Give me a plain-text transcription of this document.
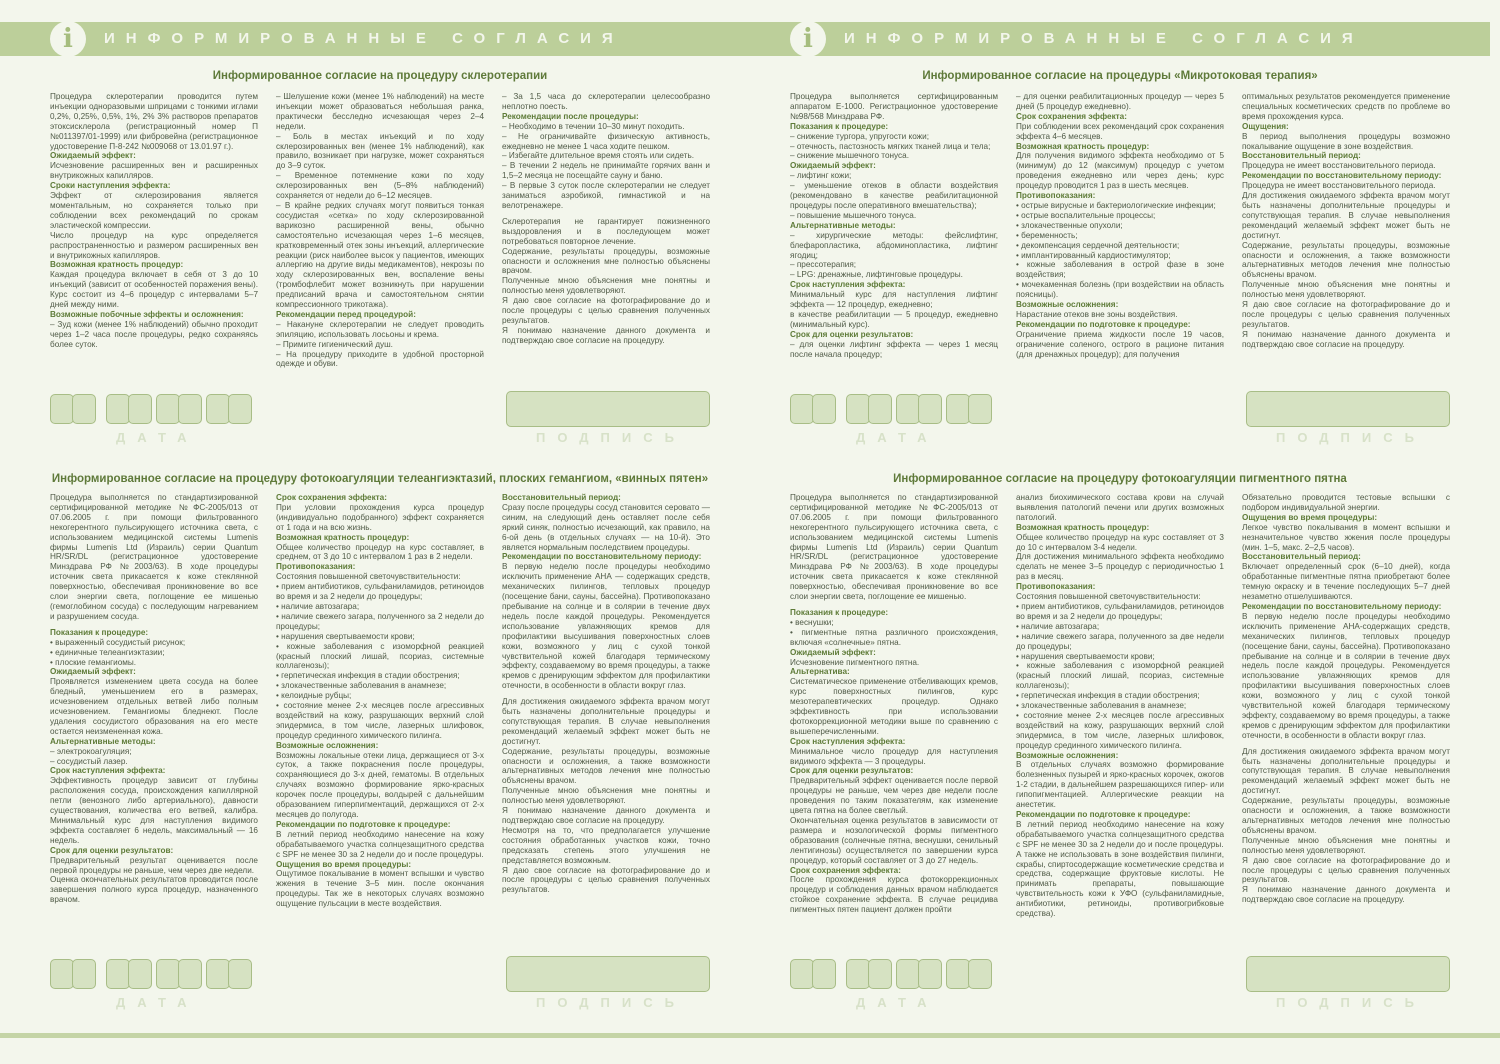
i	ИНФОРМИРОВАННЫЕ СОГЛАСИЯ
Информированное согласие на процедуру склеротерапии

Процедура склеротерапии проводится путем инъекции одноразовыми шприцами с тонкими иглами 0,2%, 0,25%, 0,5%, 1%, 2% 3% растворов препаратов этоксисклерола (регистрационный номер П №011397/01-1999) или фибровейна (регистрационное удостоверение П-8-242 №009068 от 13.01.97 г.).

Ожидаемый эффект:

Исчезновение расширенных вен и расширенных внутрикожных капилляров.

Сроки наступления эффекта:

Эффект от склерозирования является моментальным, но сохраняется только при соблюдении всех рекомендаций по срокам эластической компрессии.

Число процедур на курс определяется распространенностью и размером расширенных вен и внутрикожных капилляров.

Возможная кратность процедур:

Каждая процедура включает в себя от 3 до 10 инъекций (зависит от особенностей поражения вены). Курс состоит из 4–6 процедур с интервалами 5–7 дней между ними.

Возможные побочные эффекты и осложнения:

– Зуд кожи (менее 1% наблюдений) обычно проходит через 1–2 часа после процедуры, редко сохраняясь более суток.

– Шелушение кожи (менее 1% наблюдений) на месте инъекции может образоваться небольшая ранка, практически бесследно исчезающая через 2–4 недели.

– Боль в местах инъекций и по ходу склерозированных вен (менее 1% наблюдений), как правило, возникает при нагрузке, может сохраняться до 3–9 суток.

– Временное потемнение кожи по ходу склерозированных вен (5–8% наблюдений) сохраняется от недели до 6–12 месяцев.

– В крайне редких случаях могут появиться тонкая сосудистая «сетка» по ходу склерозированной варикозно расширенной вены, обычно самостоятельно исчезающая через 1–6 месяцев, кратковременный отек зоны инъекций, аллергические реакции (риск наиболее высок у пациентов, имеющих аллергию на другие виды медикаментов), некрозы по ходу склерозированных вен, воспаление вены (тромбофлебит может возникнуть при нарушении предписаний врача и самостоятельном снятии компрессионного трикотажа).

Рекомендации перед процедурой:

– Накануне склеротерапии не следует проводить эпиляцию, использовать лосьоны и крема.

– Примите гигиенический душ.

– На процедуру приходите в удобной просторной одежде и обуви.

– За 1,5 часа до склеротерапии целесообразно неплотно поесть.

Рекомендации после процедуры:

– Необходимо в течении 10–30 минут походить.

– Не ограничивайте физическую активность, ежедневно не менее 1 часа ходите пешком.

– Избегайте длительное время стоять или сидеть.

– В течении 2 недель не принимайте горячих ванн и 1,5–2 месяца не посещайте сауну и баню.

– В первые 3 суток после склеротерапии не следует заниматься аэробикой, гимнастикой и на велотренажере.

Склеротерапия не гарантирует пожизненного выздоровления и в последующем может потребоваться повторное лечение.

Содержание, результаты процедуры, возможные опасности и осложнения мне полностью объяснены врачом.

Полученные мною объяснения мне понятны и полностью меня удовлетворяют.

Я даю свое согласие на фотографирование до и после процедуры с целью сравнения полученных результатов.

Я понимаю назначение данного документа и подтверждаю свое согласие на процедуру.

ДАТА	ПОДПИСЬ
Информированное согласие на процедуру фотокоагуляции телеангиэктазий, плоских гемангиом, «винных пятен»

Процедура выполняется по стандартизированной сертифицированной методике №ФС-2005/013 от 07.06.2005 г. при помощи фильтрованного некогерентного пульсирующего источника света, с использованием медицинской системы Lumenis фирмы Lumenis Ltd (Израиль) серии Quantum HR/SR/DL (регистрационное удостоверение Минздрава РФ №2003/63). В ходе процедуры источник света прикасается к коже стеклянной поверхностью, обеспечивая проникновение во все слои энергии света, поглощение ее мишенью (гемоглобином сосуда) с последующим нагреванием и разрушением сосуда.

Показания к процедуре:

• выраженный сосудистый рисунок;

• единичные телеангиэктазии;

• плоские гемангиомы.

Ожидаемый эффект:

Проявляется изменением цвета сосуда на более бледный, уменьшением его в размерах, исчезновением отдельных ветвей либо полным исчезновением. Гемангиомы бледнеют. После удаления сосудистого образования на его месте остается неизмененная кожа.

Альтернативные методы:

– электрокоагуляция;

– сосудистый лазер.

Срок наступления эффекта:

Эффективность процедур зависит от глубины расположения сосуда, происхождения капиллярной петли (венозного либо артериального), давности существования, количества его ветвей, калибра. Минимальный курс для наступления видимого эффекта составляет 6 недель, максимальный — 16 недель.

Срок для оценки результатов:

Предварительный результат оценивается после первой процедуры не раньше, чем через две недели.

Оценка окончательных результатов проводится после завершения полного курса процедур, назначенного врачом.

Срок сохранения эффекта:

При условии прохождения курса процедур (индивидуально подобранного) эффект сохраняется от 1 года и на всю жизнь.

Возможная кратность процедур:

Общее количество процедур на курс составляет, в среднем, от 3 до 10 с интервалом 1 раз в 2 недели.

Противопоказания:

Состояния повышенной светочувствительности:

• прием антибиотиков, сульфаниламидов, ретиноидов во время и за 2 недели до процедуры;

• наличие автозагара;

• наличие свежего загара, полученного за 2 недели до процедуры;

• нарушения свертываемости крови;

• кожные заболевания с изоморфной реакцией (красный плоский лишай, псориаз, системные коллагенозы);

• герпетическая инфекция в стадии обострения;

• злокачественные заболевания в анамнезе;

• келоидные рубцы;

• состояние менее 2-х месяцев после агрессивных воздействий на кожу, разрушающих верхний слой эпидермиса, в том числе, лазерных шлифовок, процедур срединного химического пилинга.

Возможные осложнения:

Возможны локальные отеки лица, держащиеся от 3-х суток, а также покраснения после процедуры, сохраняющиеся до 3-х дней, гематомы. В отдельных случаях возможно формирование ярко-красных корочек после процедуры, волдырей с дальнейшим образованием гиперпигментаций, держащихся от 2-х месяцев до полугода.

Рекомендации по подготовке к процедуре:

В летний период необходимо нанесение на кожу обрабатываемого участка солнцезащитного средства с SPF не менее 30 за 2 недели до и после процедуры.

Ощущения во время процедуры:

Ощутимое покалывание в момент вспышки и чувство жжения в течение 3–5 мин. после окончания процедуры. Так же в некоторых случаях возможно ощущение пульсации в месте воздействия.

Восстановительный период:

Сразу после процедуры сосуд становится серовато — синим, на следующий день оставляет после себя яркий синяк, полностью исчезающий, как правило, на 6-ой день (в отдельных случаях — на 10-й). Это является нормальным последствием процедуры.

Рекомендации по восстановительному периоду:

В первую неделю после процедуры необходимо исключить применение АНА — содержащих средств, механических пилингов, тепловых процедур (посещение бани, сауны, бассейна). Противопоказано пребывание на солнце и в солярии в течение двух недель после каждой процедуры. Рекомендуется использование увлажняющих кремов для профилактики высушивания поверхностных слоев кожи, возможного у лиц с сухой тонкой чувствительной кожей благодаря термическому эффекту, создаваемому во время процедуры, а также кремов с дренирующим эффектом для профилактики отечности, в особенности в области вокруг глаз.

Для достижения ожидаемого эффекта врачом могут быть назначены дополнительные процедуры и сопутствующая терапия. В случае невыполнения рекомендаций желаемый эффект может быть не достигнут.

Содержание, результаты процедуры, возможные опасности и осложнения, а также возможности альтернативных методов лечения мне полностью объяснены врачом.

Полученные мною объяснения мне понятны и полностью меня удовлетворяют.

Я понимаю назначение данного документа и подтверждаю свое согласие на процедуру.

Несмотря на то, что предполагается улучшение состояния обработанных участков кожи, точно предсказать степень этого улучшения не представляется возможным.

Я даю свое согласие на фотографирование до и после процедуры с целью сравнения полученных результатов.

ДАТА	ПОДПИСЬ
i	ИНФОРМИРОВАННЫЕ СОГЛАСИЯ
Информированное согласие на процедуры «Микротоковая терапия»

Процедура выполняется сертифицированным аппаратом Е-1000. Регистрационное удостоверение №98/568 Минздрава РФ.

Показания к процедуре:

– снижение тургора, упругости кожи;

– отечность, пастозность мягких тканей лица и тела;

– снижение мышечного тонуса.

Ожидаемый эффект:

– лифтинг кожи;

– уменьшение отеков в области воздействия (рекомендовано в качестве реабилитационной процедуры после оперативного вмешательства);

– повышение мышечного тонуса.

Альтернативные методы:

– хирургические методы: фейслифтинг, блефаропластика, абдоминопластика, лифтинг ягодиц;

– прессотерапия;

– LPG: дренажные, лифтинговые процедуры.

Срок наступления эффекта:

Минимальный курс для наступления лифтинг эффекта — 12 процедур, ежедневно;

в качестве реабилитации — 5 процедур, ежедневно (минимальный курс).

Срок для оценки результатов:

– для оценки лифтинг эффекта — через 1 месяц после начала процедур;

– для оценки реабилитационных процедур — через 5 дней (5 процедур ежедневно).

Срок сохранения эффекта:

При соблюдении всех рекомендаций срок сохранения эффекта 4–6 месяцев.

Возможная кратность процедур:

Для получения видимого эффекта необходимо от 5 (минимум) до 12 (максимум) процедур с учетом проведения ежедневно или через день; курс процедур проводится 1 раз в шесть месяцев.

Противопоказания:

• острые вирусные и бактериологические инфекции;

• острые воспалительные процессы;

• злокачественные опухоли;

• беременность;

• декомпенсация сердечной деятельности;

• имплантированный кардиостимулятор;

• кожные заболевания в острой фазе в зоне воздействия;

• мочекаменная болезнь (при воздействии на область поясницы).

Возможные осложнения:

Нарастание отеков вне зоны воздействия.

Рекомендации по подготовке к процедуре:

Ограничение приема жидкости после 19 часов, ограничение соленого, острого в рационе питания (для дренажных процедур); для получения

оптимальных результатов рекомендуется применение специальных косметических средств по проблеме во время прохождения курса.

Ощущения:

В период выполнения процедуры возможно покалывание ощущение в зоне воздействия.

Восстановительный период:

Процедура не имеет восстановительного периода.

Рекомендации по восстановительному периоду:

Процедура не имеет восстановительного периода.

Для достижения ожидаемого эффекта врачом могут быть назначены дополнительные процедуры и сопутствующая терапия. В случае невыполнения рекомендаций желаемый эффект может быть не достигнут.

Содержание, результаты процедуры, возможные опасности и осложнения, а также возможности альтернативных методов лечения мне полностью объяснены врачом.

Полученные мною объяснения мне понятны и полностью меня удовлетворяют.

Я даю свое согласие на фотографирование до и после процедуры с целью сравнения полученных результатов.

Я понимаю назначение данного документа и подтверждаю свое согласие на процедуру.

ДАТА	ПОДПИСЬ
Информированное согласие на процедуру фотокоагуляции пигментного пятна

Процедура выполняется по стандартизированной сертифицированной методике №ФС-2005/013 от 07.06.2005 г. при помощи фильтрованного некогерентного пульсирующего источника света, с использованием медицинской системы Lumenis фирмы Lumenis Ltd (Израиль) серии Quantum HR/SR/DL (регистрационное удостоверение Минздрава РФ №2003/63). В ходе процедуры источник света прикасается к коже стеклянной поверхностью, обеспечивая проникновение во все слои энергии света, поглощение ее мишенью.

Показания к процедуре:

• веснушки;

• пигментные пятна различного происхождения, включая «солнечные» пятна.

Ожидаемый эффект:

Исчезновение пигментного пятна.

Альтернатива:

Систематическое применение отбеливающих кремов, курс поверхностных пилингов, курс мезотерапевтических процедур. Однако эффективность при использовании фотокоррекционной методики выше по сравнению с вышеперечисленными.

Срок наступления эффекта:

Минимальное число процедур для наступления видимого эффекта — 3 процедуры.

Срок для оценки результатов:

Предварительный эффект оценивается после первой процедуры не раньше, чем через две недели после проведения по таким показателям, как изменение цвета пятна на более светлый.

Окончательная оценка результатов в зависимости от размера и нозологической формы пигментного образования (солнечные пятна, веснушки, сенильный лентигинозы) осуществляется по завершении курса процедур, который составляет от 3 до 27 недель.

Срок сохранения эффекта:

После прохождения курса фотокоррекционных процедур и соблюдения данных врачом наблюдается стойкое сохранение эффекта. В случае рецидива пигментных пятен пациент должен пройти

анализ биохимического состава крови на случай выявления патологий печени или других возможных патологий.

Возможная кратность процедур:

Общее количество процедур на курс составляет от 3 до 10 с интервалом 3-4 недели.

Для достижения минимального эффекта необходимо сделать не менее 3–5 процедур с периодичностью 1 раз в месяц.

Противопоказания:

Состояния повышенной светочувствительности:

• прием антибиотиков, сульфаниламидов, ретиноидов во время и за 2 недели до процедуры;

• наличие автозагара;

• наличие свежего загара, полученного за две недели до процедуры;

• нарушения свертываемости крови;

• кожные заболевания с изоморфной реакцией (красный плоский лишай, псориаз, системные коллагенозы);

• герпетическая инфекция в стадии обострения;

• злокачественные заболевания в анамнезе;

• состояние менее 2-х месяцев после агрессивных воздействий на кожу, разрушающих верхний слой эпидермиса, в том числе, лазерных шлифовок, процедур срединного химического пилинга.

Возможные осложнения:

В отдельных случаях возможно формирование болезненных пузырей и ярко-красных корочек, ожогов 1-2 стадии, в дальнейшем разрешающихся гипер- или гипопигментацией. Аллергические реакции на анестетик.

Рекомендации по подготовке к процедуре:

В летний период необходимо нанесение на кожу обрабатываемого участка солнцезащитного средства с SPF не менее 30 за 2 недели до и после процедуры.

А также не использовать в зоне воздействия пилинги, скрабы, спиртосодержащие косметические средства и средства, содержащие фруктовые кислоты. Не принимать препараты, повышающие чувствительность кожи к УФО (сульфаниламидные, антибиотики, ретиноиды, противогрибковые средства).

Обязательно проводится тестовые вспышки с подбором индивидуальной энергии.

Ощущения во время процедуры:

Легкое чувство покалывания в момент вспышки и незначительное чувство жжения после процедуры (мин. 1–5, макс. 2–2,5 часов).

Восстановительный период:

Включает определенный срок (6–10 дней), когда обработанные пигментные пятна приобретают более темную окраску и в течение последующих 5–7 дней незаметно отшелушиваются.

Рекомендации по восстановительному периоду:

В первую неделю после процедуры необходимо исключить применение АНА-содержащих средств, механических пилингов, тепловых процедур (посещение бани, сауны, бассейна). Противопоказано пребывание на солнце и в солярии в течение двух недель после каждой процедуры. Рекомендуется использование увлажняющих кремов для профилактики высушивания поверхностных слоев кожи, возможного у лиц с сухой тонкой чувствительной кожей благодаря термическому эффекту, создаваемому во время процедуры, а также кремов с дренирующим эффектом для профилактики отечности, в особенности в области вокруг глаз.

Для достижения ожидаемого эффекта врачом могут быть назначены дополнительные процедуры и сопутствующая терапия. В случае невыполнения рекомендаций желаемый эффект может быть не достигнут.

Содержание, результаты процедуры, возможные опасности и осложнения, а также возможности альтернативных методов лечения мне полностью объяснены врачом.

Полученные мною объяснения мне понятны и полностью меня удовлетворяют.

Я даю свое согласие на фотографирование до и после процедуры с целью сравнения полученных результатов.

Я понимаю назначение данного документа и подтверждаю свое согласие на процедуру.

ДАТА	ПОДПИСЬ
